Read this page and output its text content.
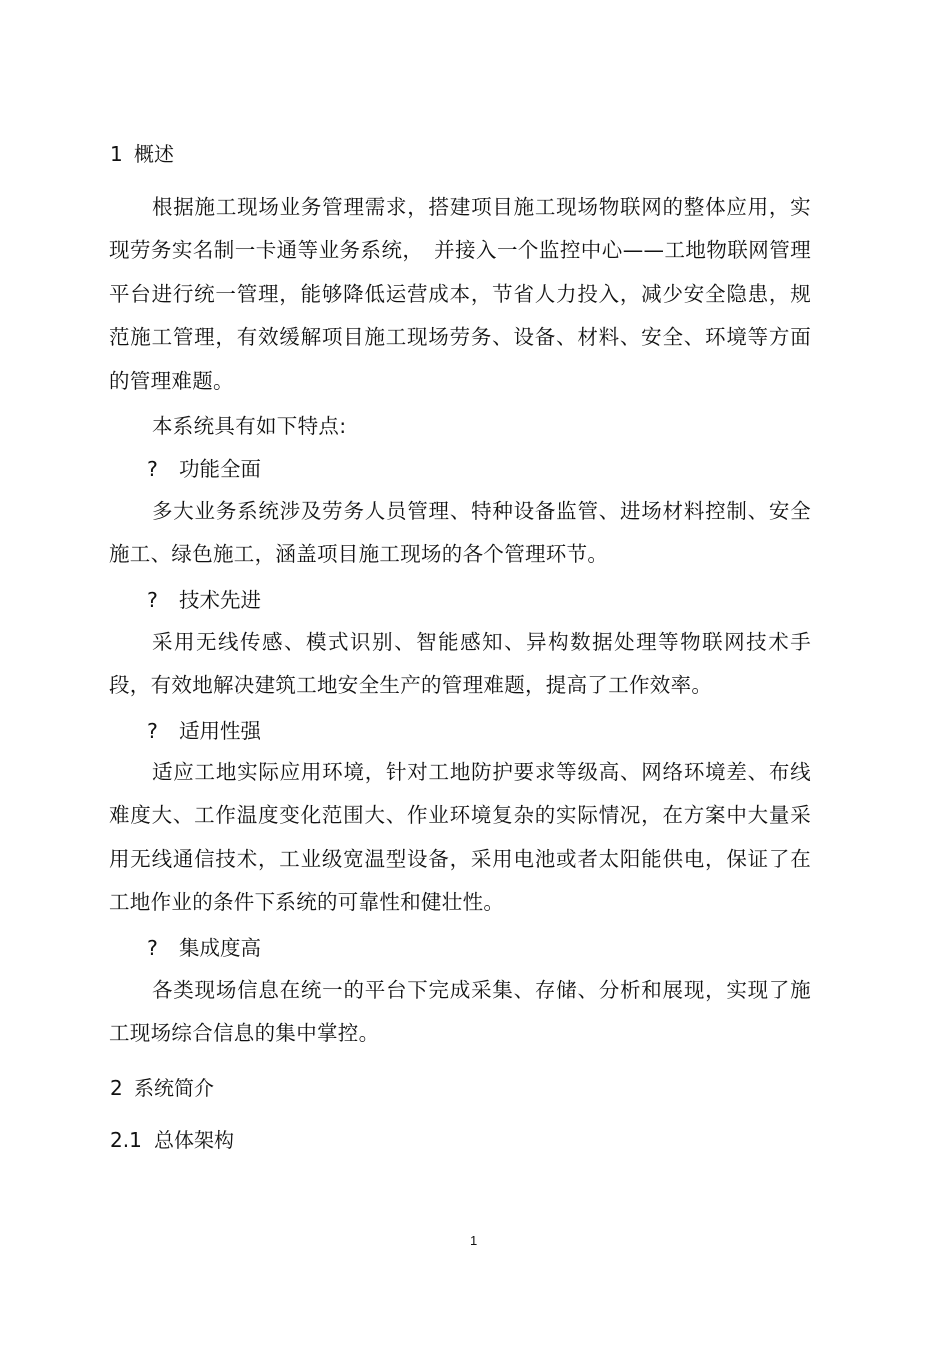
1 概述

根据施工现场业务管理需求，搭建项目施工现场物联网的整体应用，实现劳务实名制一卡通等业务系统，　并接入一个监控中心——工地物联网管理平台进行统一管理，能够降低运营成本，节省人力投入，减少安全隐患，规范施工管理，有效缓解项目施工现场劳务、设备、材料、安全、环境等方面的管理难题。

本系统具有如下特点:
? 功能全面

多大业务系统涉及劳务人员管理、特种设备监管、进场材料控制、安全施工、绿色施工，涵盖项目施工现场的各个管理环节。

? 技术先进

采用无线传感、模式识别、智能感知、异构数据处理等物联网技术手段，有效地解决建筑工地安全生产的管理难题，提高了工作效率。

? 适用性强

适应工地实际应用环境，针对工地防护要求等级高、网络环境差、布线难度大、工作温度变化范围大、作业环境复杂的实际情况，在方案中大量采用无线通信技术，工业级宽温型设备，采用电池或者太阳能供电，保证了在工地作业的条件下系统的可靠性和健壮性。

? 集成度高

各类现场信息在统一的平台下完成采集、存储、分析和展现，实现了施工现场综合信息的集中掌控。

2 系统简介
2.1 总体架构
1
